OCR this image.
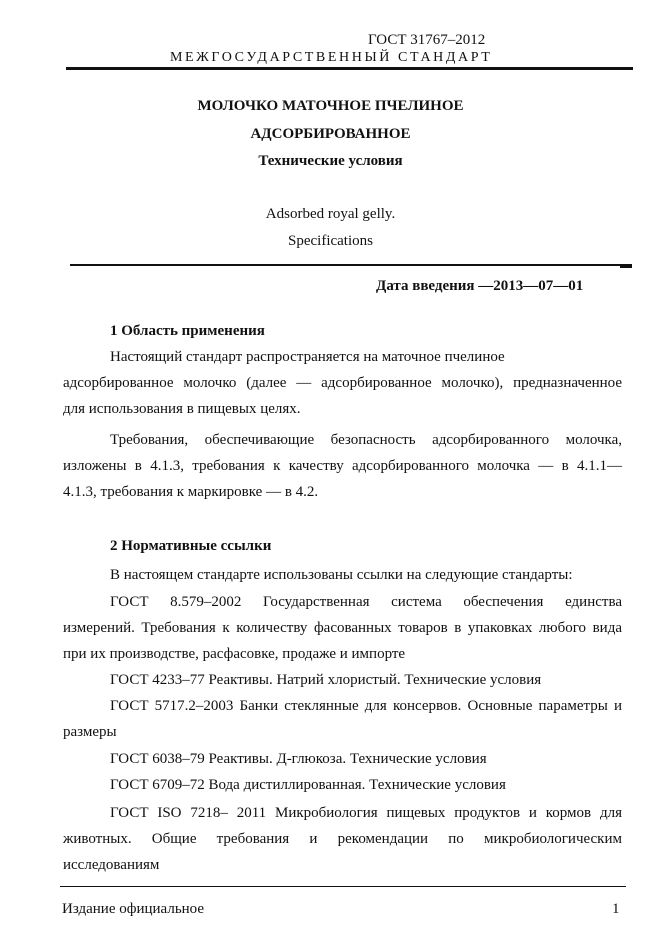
ГОСТ 31767–2012
МЕЖГОСУДАРСТВЕННЫЙ СТАНДАРТ
МОЛОЧКО МАТОЧНОЕ ПЧЕЛИНОЕ
АДСОРБИРОВАННОЕ
Технические условия
Adsorbed royal gelly.
Specifications
Дата введения —2013—07—01
1 Область применения
Настоящий стандарт распространяется на маточное пчелиное
адсорбированное молочко (далее — адсорбированное молочко), предназначенное
для использования в пищевых целях.
Требования, обеспечивающие безопасность адсорбированного молочка,
изложены в 4.1.3, требования к качеству адсорбированного молочка — в 4.1.1—
4.1.3, требования к маркировке — в 4.2.
2 Нормативные ссылки
В настоящем стандарте использованы ссылки на следующие стандарты:
ГОСТ 8.579–2002 Государственная система обеспечения единства
измерений. Требования к количеству фасованных товаров в упаковках любого вида
при их производстве, расфасовке, продаже и импорте
ГОСТ 4233–77 Реактивы. Натрий хлористый. Технические условия
ГОСТ 5717.2–2003 Банки стеклянные для консервов. Основные параметры и
размеры
ГОСТ 6038–79 Реактивы. Д-глюкоза. Технические условия
ГОСТ 6709–72 Вода дистиллированная. Технические условия
ГОСТ ISO 7218– 2011 Микробиология пищевых продуктов и кормов для
животных. Общие требования и рекомендации по микробиологическим
исследованиям
Издание официальное	1
